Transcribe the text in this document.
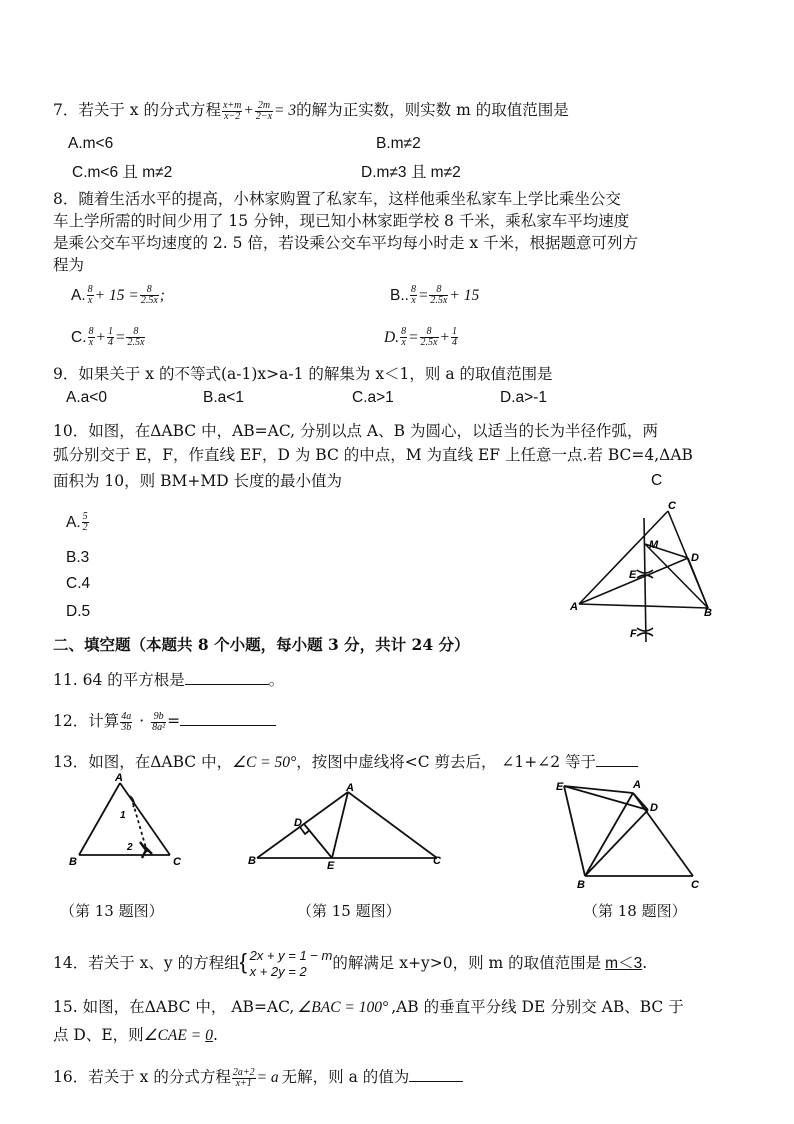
7．若关于 x 的分式方程 $\frac{x+m}{x-2} + \frac{2m}{2-x} = 3$的解为正实数，则实数 m 的取值范围是
A.m<6	B.m≠2
C.m<6 且 m≠2	D.m≠3 且 m≠2
8．随着生活水平的提高，小林家购置了私家车，这样他乘坐私家车上学比乘坐公交
车上学所需的时间少用了 15 分钟，现已知小林家距学校 8 千米，乘私家车平均速度
是乘公交车平均速度的 2. 5 倍，若设乘公交车平均每小时走 x 千米，根据题意可列方
程为
A. $\frac{8}{x} + 15 = \frac{8}{2.5x}$ ;	B.. $\frac{8}{x} = \frac{8}{2.5x} + 15$
C. $\frac{8}{x} + \frac{1}{4} = \frac{8}{2.5x}$	D. $\frac{8}{x} = \frac{8}{2.5x} + \frac{1}{4}$
9．如果关于 x 的不等式(a-1)x>a-1 的解集为 x＜1，则 a 的取值范围是
A.a<0	B.a<1	C.a>1	D.a>-1
10．如图，在ΔABC 中，AB=AC, 分别以点 A、B 为圆心，以适当的长为半径作弧，两
弧分别交于 E，F，作直线 EF，D 为 BC 的中点，M 为直线 EF 上任意一点.若 BC=4,ΔAB
面积为 10，则 BM+MD 长度的最小值为	C
A. $\frac{5}{2}$
B.3
C.4
D.5
C
M
D
E
A	B
F
二、填空题（本题共 8 个小题，每小题 3 分，共计 24 分）
11. 64 的平方根是	。
12．计算 $\frac{4a}{3b} \cdot \frac{9b}{\text{8a²}}$ =
13．如图，在ΔABC 中，∠C = 50°，按图中虚线将<C 剪去后， ∠1+∠2 等于
A
B	C
1
2
（第 13 题图）
A
B	C
D
E
（第 15 题图）
E	A
D
B	C
（第 18 题图）
14．若关于 x、y 的方程组 { 2x + y = 1 − m
x + 2y = 2	的解满足 x+y>0，则 m 的取值范围是 m＜3.
15. 如图，在ΔABC 中， AB=AC, ∠BAC = 100° ,AB 的垂直平分线 DE 分别交 AB、BC 于
点 D、E，则∠CAE = 0.
16．若关于 x 的分式方程 $\frac{2a+2}{x+1} = a$ 无解，则 a 的值为
